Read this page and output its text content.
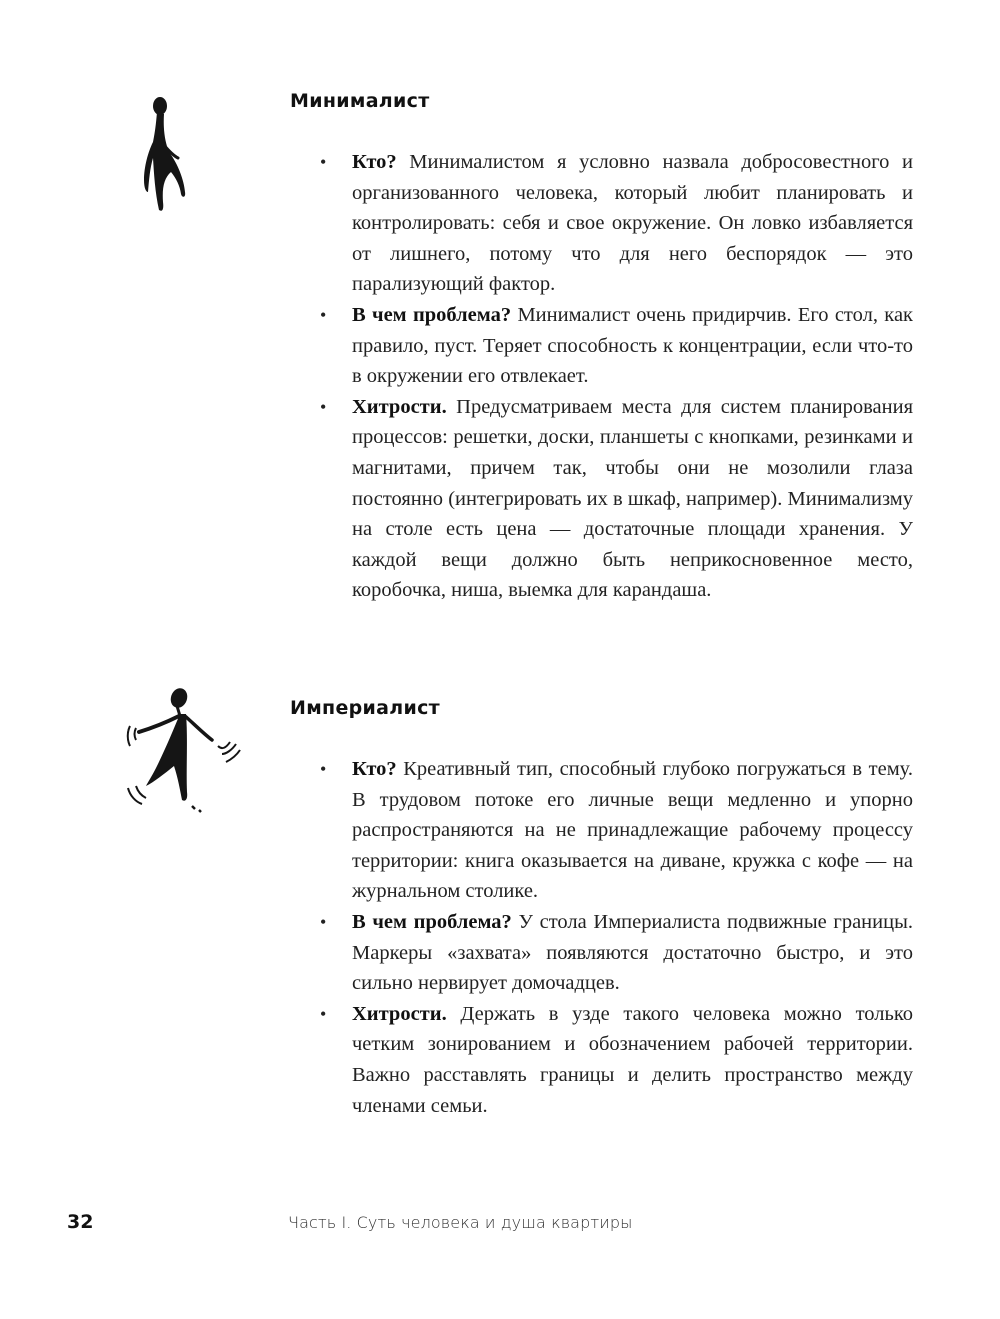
Минималист
• Кто? Минималистом я условно назвала добросовестного и организованного человека, который любит планировать и контролировать: себя и свое окружение. Он ловко избавляется от лишнего, потому что для него беспорядок — это парализующий фактор.
• В чем проблема? Минималист очень придирчив. Его стол, как правило, пуст. Теряет способность к концентрации, если что-то в окружении его отвлекает.
• Хитрости. Предусматриваем места для систем планирования процессов: решетки, доски, планшеты с кнопками, резинками и магнитами, причем так, чтобы они не мозолили глаза постоянно (интегрировать их в шкаф, например). Минимализму на столе есть цена — достаточные площади хранения. У каждой вещи должно быть неприкосновенное место, коробочка, ниша, выемка для карандаша.
Империалист
• Кто? Креативный тип, способный глубоко погружаться в тему. В трудовом потоке его личные вещи медленно и упорно распространяются на не принадлежащие рабочему процессу территории: книга оказывается на диване, кружка с кофе — на журнальном столике.
• В чем проблема? У стола Империалиста подвижные границы. Маркеры «захвата» появляются достаточно быстро, и это сильно нервирует домочадцев.
• Хитрости. Держать в узде такого человека можно только четким зонированием и обозначением рабочей территории. Важно расставлять границы и делить пространство между членами семьи.
32	Часть I. Суть человека и душа квартиры
